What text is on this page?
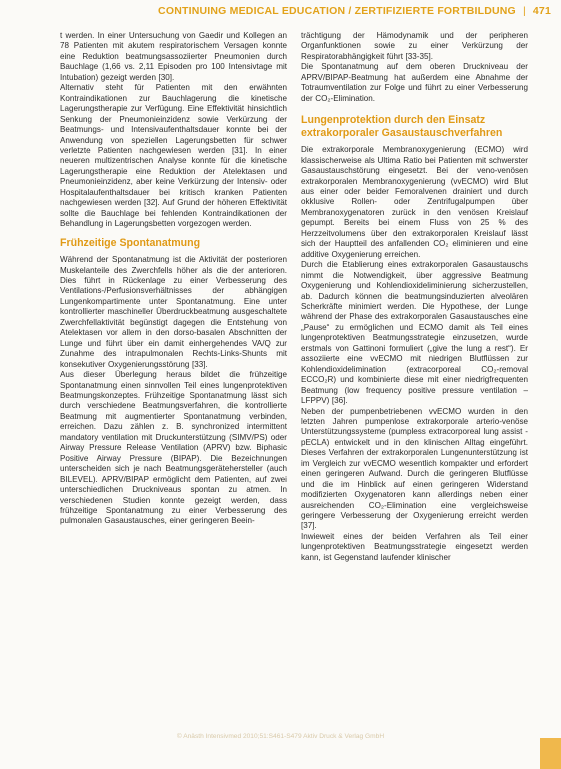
CONTINUING MEDICAL EDUCATION / ZERTIFIZIERTE FORTBILDUNG | 471

t werden. In einer Untersuchung von Gaedir und Kollegen an 78 Patienten mit akutem respiratorischem Versagen konnte eine Reduktion beatmungsassoziierter Pneumonien durch Bauchlage (1,66 vs. 2,11 Episoden pro 100 Intensivtage mit Intubation) gezeigt werden [30].

Alternativ steht für Patienten mit den erwähnten Kontraindikationen zur Bauchlagerung die kinetische Lagerungstherapie zur Verfügung. Eine Effektivität hinsichtlich Senkung der Pneumonieinzidenz sowie Verkürzung der Beatmungs- und Intensivaufenthaltsdauer konnte bei der Anwendung von speziellen Lagerungsbetten für schwer verletzte Patienten nachgewiesen werden [31]. In einer neueren multizentrischen Analyse konnte für die kinetische Lagerungstherapie eine Reduktion der Atelektasen und Pneumonieinzidenz, aber keine Verkürzung der Intensiv- oder Hospitalaufenthaltsdauer bei kritisch kranken Patienten nachgewiesen werden [32]. Auf Grund der höheren Effektivität sollte die Bauchlage bei fehlenden Kontraindikationen der Behandlung in Lagerungsbetten vorgezogen werden.

Frühzeitige Spontanatmung

Während der Spontanatmung ist die Aktivität der posterioren Muskelanteile des Zwerchfells höher als die der anterioren. Dies führt in Rückenlage zu einer Verbesserung des Ventilations-/Perfusionsverhältnisses der abhängigen Lungenkompartimente unter Spontanatmung. Eine unter kontrollierter maschineller Überdruckbeatmung ausgeschaltete Zwerchfellaktivität begünstigt dagegen die Entstehung von Atelektasen vor allem in den dorso-basalen Abschnitten der Lunge und führt über ein damit einhergehendes VA/Q zur Zunahme des intrapulmonalen Rechts-Links-Shunts mit konsekutiver Oxygenierungsstörung [33].

Aus dieser Überlegung heraus bildet die frühzeitige Spontanatmung einen sinnvollen Teil eines lungenprotektiven Beatmungskonzeptes. Frühzeitige Spontanatmung lässt sich durch verschiedene Beatmungsverfahren, die kontrollierte Beatmung mit augmentierter Spontanatmung verbinden, erreichen. Dazu zählen z. B. synchronized intermittent mandatory ventilation mit Druckunterstützung (SIMV/PS) oder Airway Pressure Release Ventilation (APRV) bzw. Biphasic Positive Airway Pressure (BIPAP). Die Bezeichnungen unterscheiden sich je nach Beatmungsgerätehersteller (auch BILEVEL). APRV/BIPAP ermöglicht dem Patienten, auf zwei unterschiedlichen Druckniveaus spontan zu atmen. In verschiedenen Studien konnte gezeigt werden, dass frühzeitige Spontanatmung zu einer Verbesserung des pulmonalen Gasaustausches, einer geringeren Beein-

trächtigung der Hämodynamik und der peripheren Organfunktionen sowie zu einer Verkürzung der Respiratorabhängigkeit führt [33-35].

Die Spontanatmung auf dem oberen Druckniveau der APRV/BIPAP-Beatmung hat außerdem eine Abnahme der Totraumventilation zur Folge und führt zu einer Verbesserung der CO₂-Elimination.

Lungenprotektion durch den Einsatz extrakorporaler Gasaustauschverfahren

Die extrakorporale Membranoxygenierung (ECMO) wird klassischerweise als Ultima Ratio bei Patienten mit schwerster Gasaustauschstörung eingesetzt. Bei der veno-venösen extrakorporalen Membranoxygenierung (vvECMO) wird Blut aus einer oder beider Femoralvenen drainiert und durch okklusive Rollen- oder Zentrifugalpumpen über Membranoxygenatoren zurück in den venösen Kreislauf gepumpt. Bereits bei einem Fluss von 25 % des Herzzeitvolumens über den extrakorporalen Kreislauf lässt sich der Hauptteil des anfallenden CO₂ eliminieren und eine additive Oxygenierung erreichen.

Durch die Etablierung eines extrakorporalen Gasaustauschs nimmt die Notwendigkeit, über aggressive Beatmung Oxygenierung und Kohlendioxideliminierung sicherzustellen, ab. Dadurch können die beatmungsinduzierten alveolären Scherkräfte minimiert werden. Die Hypothese, der Lunge während der Phase des extrakorporalen Gasaustausches eine „Pause“ zu ermöglichen und ECMO damit als Teil eines lungenprotektiven Beatmungsstrategie einzusetzen, wurde erstmals von Gattinoni formuliert („give the lung a rest“). Er assoziierte eine vvECMO mit niedrigen Blutflüssen zur Kohlendioxidelimination (extracorporeal CO₂-removal ECCO₂R) und kombinierte diese mit einer niedrigfrequenten Beatmung (low frequency positive pressure ventilation – LFPPV) [36].

Neben der pumpenbetriebenen vvECMO wurden in den letzten Jahren pumpenlose extrakorporale arterio-venöse Unterstützungssysteme (pumpless extracorporeal lung assist - pECLA) entwickelt und in den klinischen Alltag eingeführt. Dieses Verfahren der extrakorporalen Lungenunterstützung ist im Vergleich zur vvECMO wesentlich kompakter und erfordert einen geringeren Aufwand. Durch die geringeren Blutflüsse und die im Hinblick auf einen geringeren Widerstand modifizierten Oxygenatoren kann allerdings neben einer ausreichenden CO₂-Elimination eine vergleichsweise geringere Verbesserung der Oxygenierung erreicht werden [37].

Inwieweit eines der beiden Verfahren als Teil einer lungenprotektiven Beatmungsstrategie eingesetzt werden kann, ist Gegenstand laufender klinischer

© Anästh Intensivmed 2010;51:S461-S479 Aktiv Druck & Verlag GmbH
